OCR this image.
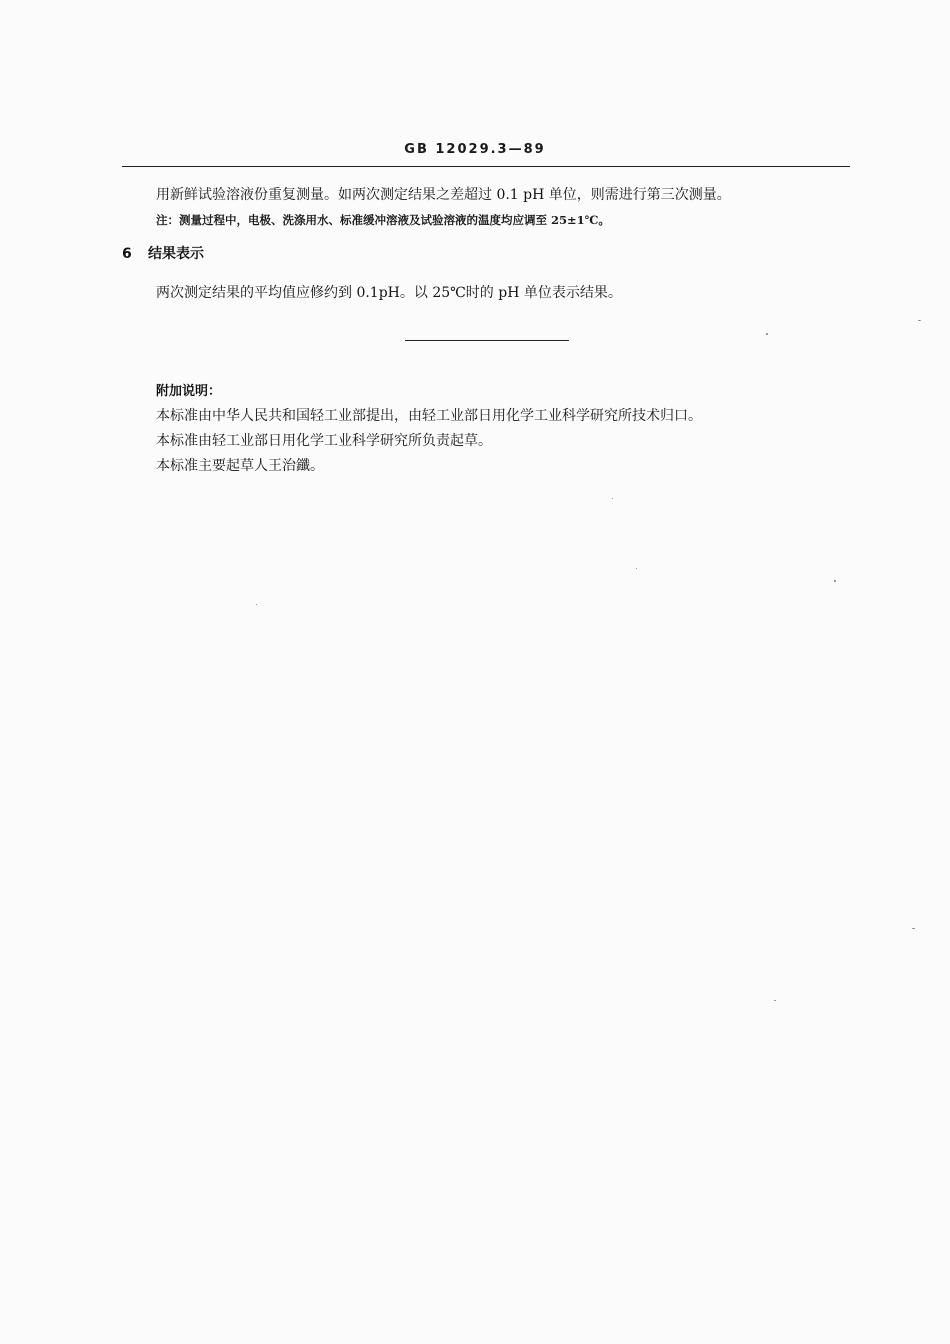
GB 12029.3—89
用新鲜试验溶液份重复测量。如两次测定结果之差超过 0.1 pH 单位，则需进行第三次测量。
注：测量过程中，电极、洗涤用水、标准缓冲溶液及试验溶液的温度均应调至 25±1℃。
6 结果表示
两次测定结果的平均值应修约到 0.1pH。以 25℃时的 pH 单位表示结果。
附加说明：
本标准由中华人民共和国轻工业部提出，由轻工业部日用化学工业科学研究所技术归口。
本标准由轻工业部日用化学工业科学研究所负责起草。
本标准主要起草人王治鑯。
